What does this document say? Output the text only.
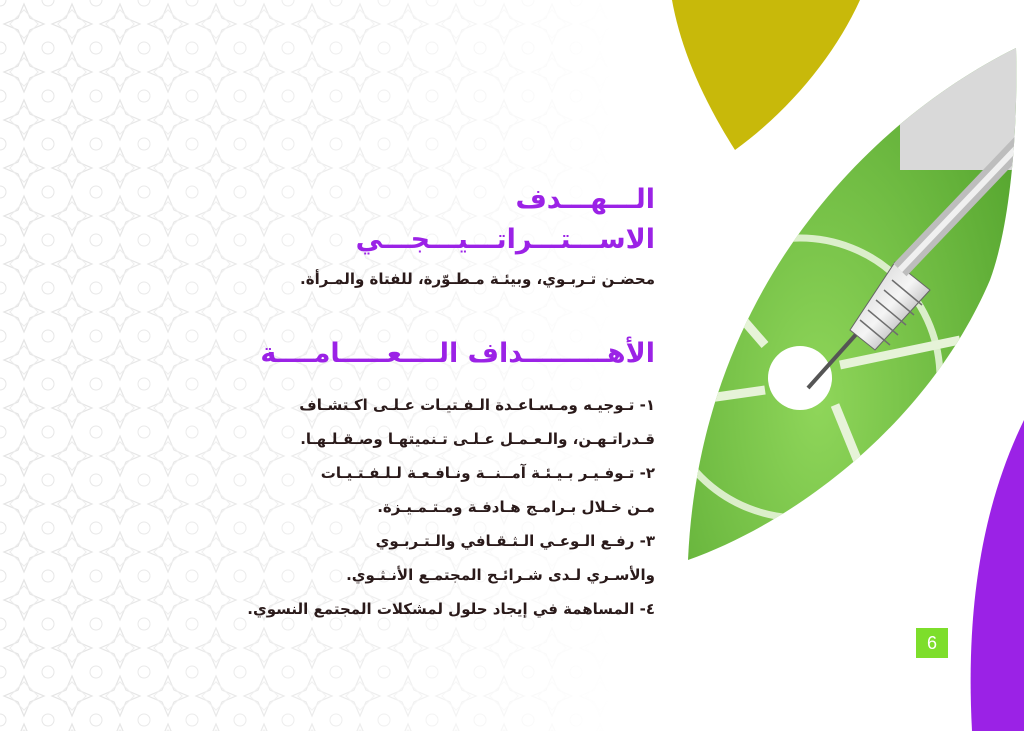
الـــهـــدف الاســـتـــراتـــيـــجـــي

محضـن تـربـوي، وبيئـة مـطـوّرة، للفتاة والمـرأة.

الأهـــــــــداف الــــعـــــامــــة
١- تـوجيـه ومـسـاعـدة الـفـتيـات عـلـى اكـتشـاف
قـدراتـهـن، والـعـمـل عـلـى تـنميتهـا وصـقـلـهـا.
٢- تـوفـيـر بـيـئـة آمــنــة ونـافـعـة لـلـفـتـيـات
مـن خـلال بـرامـج هـادفـة ومـتـمـيـزة.
٣- رفـع الـوعـي الـثـقـافي والـتـربـوي
والأسـري لـدى شـرائـح المجتمـع الأنـثـوي.
٤- المساهمة في إيجاد حلول لمشكلات المجتمع النسوي.
6
